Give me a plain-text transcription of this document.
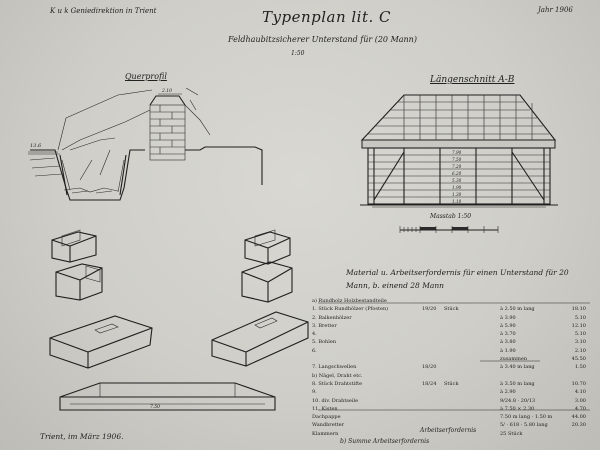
K u k Geniedirektion in Trient	Jahr 1906
Typenplan lit. C
Feldhaubitzsicherer Unterstand für (20 Mann)
1:50
Querprofil	Längenschnitt A-B
Masstab 1:50
Material u. Arbeitserfordernis für einen Unterstand für 20 Mann, b. einend 28 Mann
a) Rundholz Holzbestandteile
1. Stück Rundhölzer (Pfosten)	19/20	Stück	à 2.50 m lang	18.10
2. Balkenhölzer	à 3.90	5.10
3. Bretter	à 5.90	12.10
4.	à 3.70	5.10
5. Bohlen	à 3.80	3.10
6.	à 1.90	2.10
zusammen	45.50
7. Langschwellen	18/20	à 3.40 m lang	1.50
b) Nägel, Draht etc.
8. Stück Drahtstifte	18/24	Stück	à 3.50 m lang	10.70
9.	à 2.90	4.10
10. div. Drahtseile	9/24.8 · 20/13	3.00
11. Kisten	à 7.50 × 2.30	4.70
Dachpappe	7.50 m lang · 1.50 m	44.00
Wandbretter	5/ · 618 · 5.80 lang	20.30
Klammern	25 Stück
Arbeitserfordernis
b) Summe Arbeitserfordernis
Trient, im März 1906.
13.6
2.10
7.90
7.50
7.20
6.20
5.30
1.90
1.30
1.10
7.50
